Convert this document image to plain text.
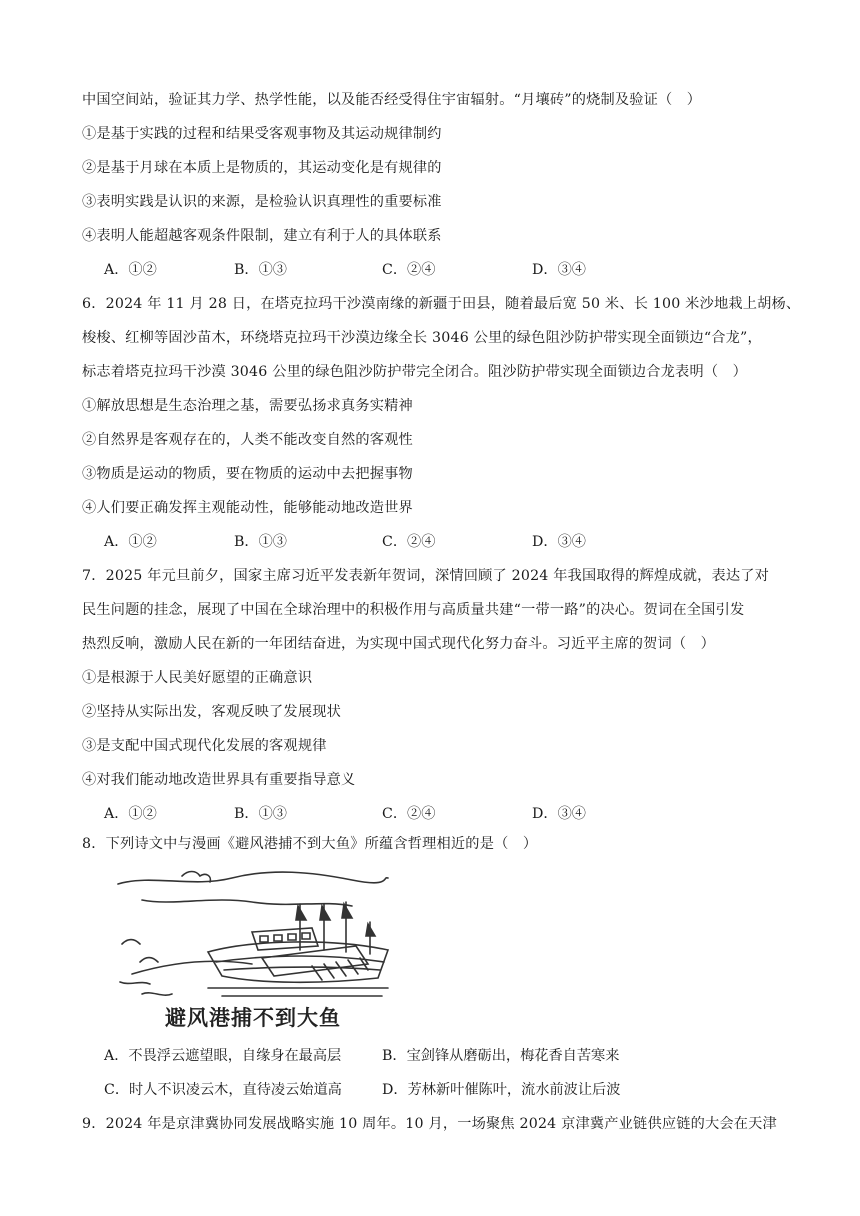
中国空间站，验证其力学、热学性能，以及能否经受得住宇宙辐射。“月壤砖”的烧制及验证（　）
①是基于实践的过程和结果受客观事物及其运动规律制约
②是基于月球在本质上是物质的，其运动变化是有规律的
③表明实践是认识的来源，是检验认识真理性的重要标准
④表明人能超越客观条件限制，建立有利于人的具体联系
A．①②	B．①③	C．②④	D．③④
6．2024 年 11 月 28 日，在塔克拉玛干沙漠南缘的新疆于田县，随着最后宽 50 米、长 100 米沙地栽上胡杨、
梭梭、红柳等固沙苗木，环绕塔克拉玛干沙漠边缘全长 3046 公里的绿色阻沙防护带实现全面锁边“合龙”，
标志着塔克拉玛干沙漠 3046 公里的绿色阻沙防护带完全闭合。阻沙防护带实现全面锁边合龙表明（　）
①解放思想是生态治理之基，需要弘扬求真务实精神
②自然界是客观存在的，人类不能改变自然的客观性
③物质是运动的物质，要在物质的运动中去把握事物
④人们要正确发挥主观能动性，能够能动地改造世界
A．①②	B．①③	C．②④	D．③④
7．2025 年元旦前夕，国家主席习近平发表新年贺词，深情回顾了 2024 年我国取得的辉煌成就，表达了对
民生问题的挂念，展现了中国在全球治理中的积极作用与高质量共建“一带一路”的决心。贺词在全国引发
热烈反响，激励人民在新的一年团结奋进，为实现中国式现代化努力奋斗。习近平主席的贺词（　）
①是根源于人民美好愿望的正确意识
②坚持从实际出发，客观反映了发展现状
③是支配中国式现代化发展的客观规律
④对我们能动地改造世界具有重要指导意义
A．①②	B．①③	C．②④	D．③④
8．下列诗文中与漫画《避风港捕不到大鱼》所蕴含哲理相近的是（　）
避风港捕不到大鱼
A．不畏浮云遮望眼，自缘身在最高层	B．宝剑锋从磨砺出，梅花香自苦寒来
C．时人不识凌云木，直待凌云始道高	D．芳林新叶催陈叶，流水前波让后波
9．2024 年是京津冀协同发展战略实施 10 周年。10 月，一场聚焦 2024 京津冀产业链供应链的大会在天津
